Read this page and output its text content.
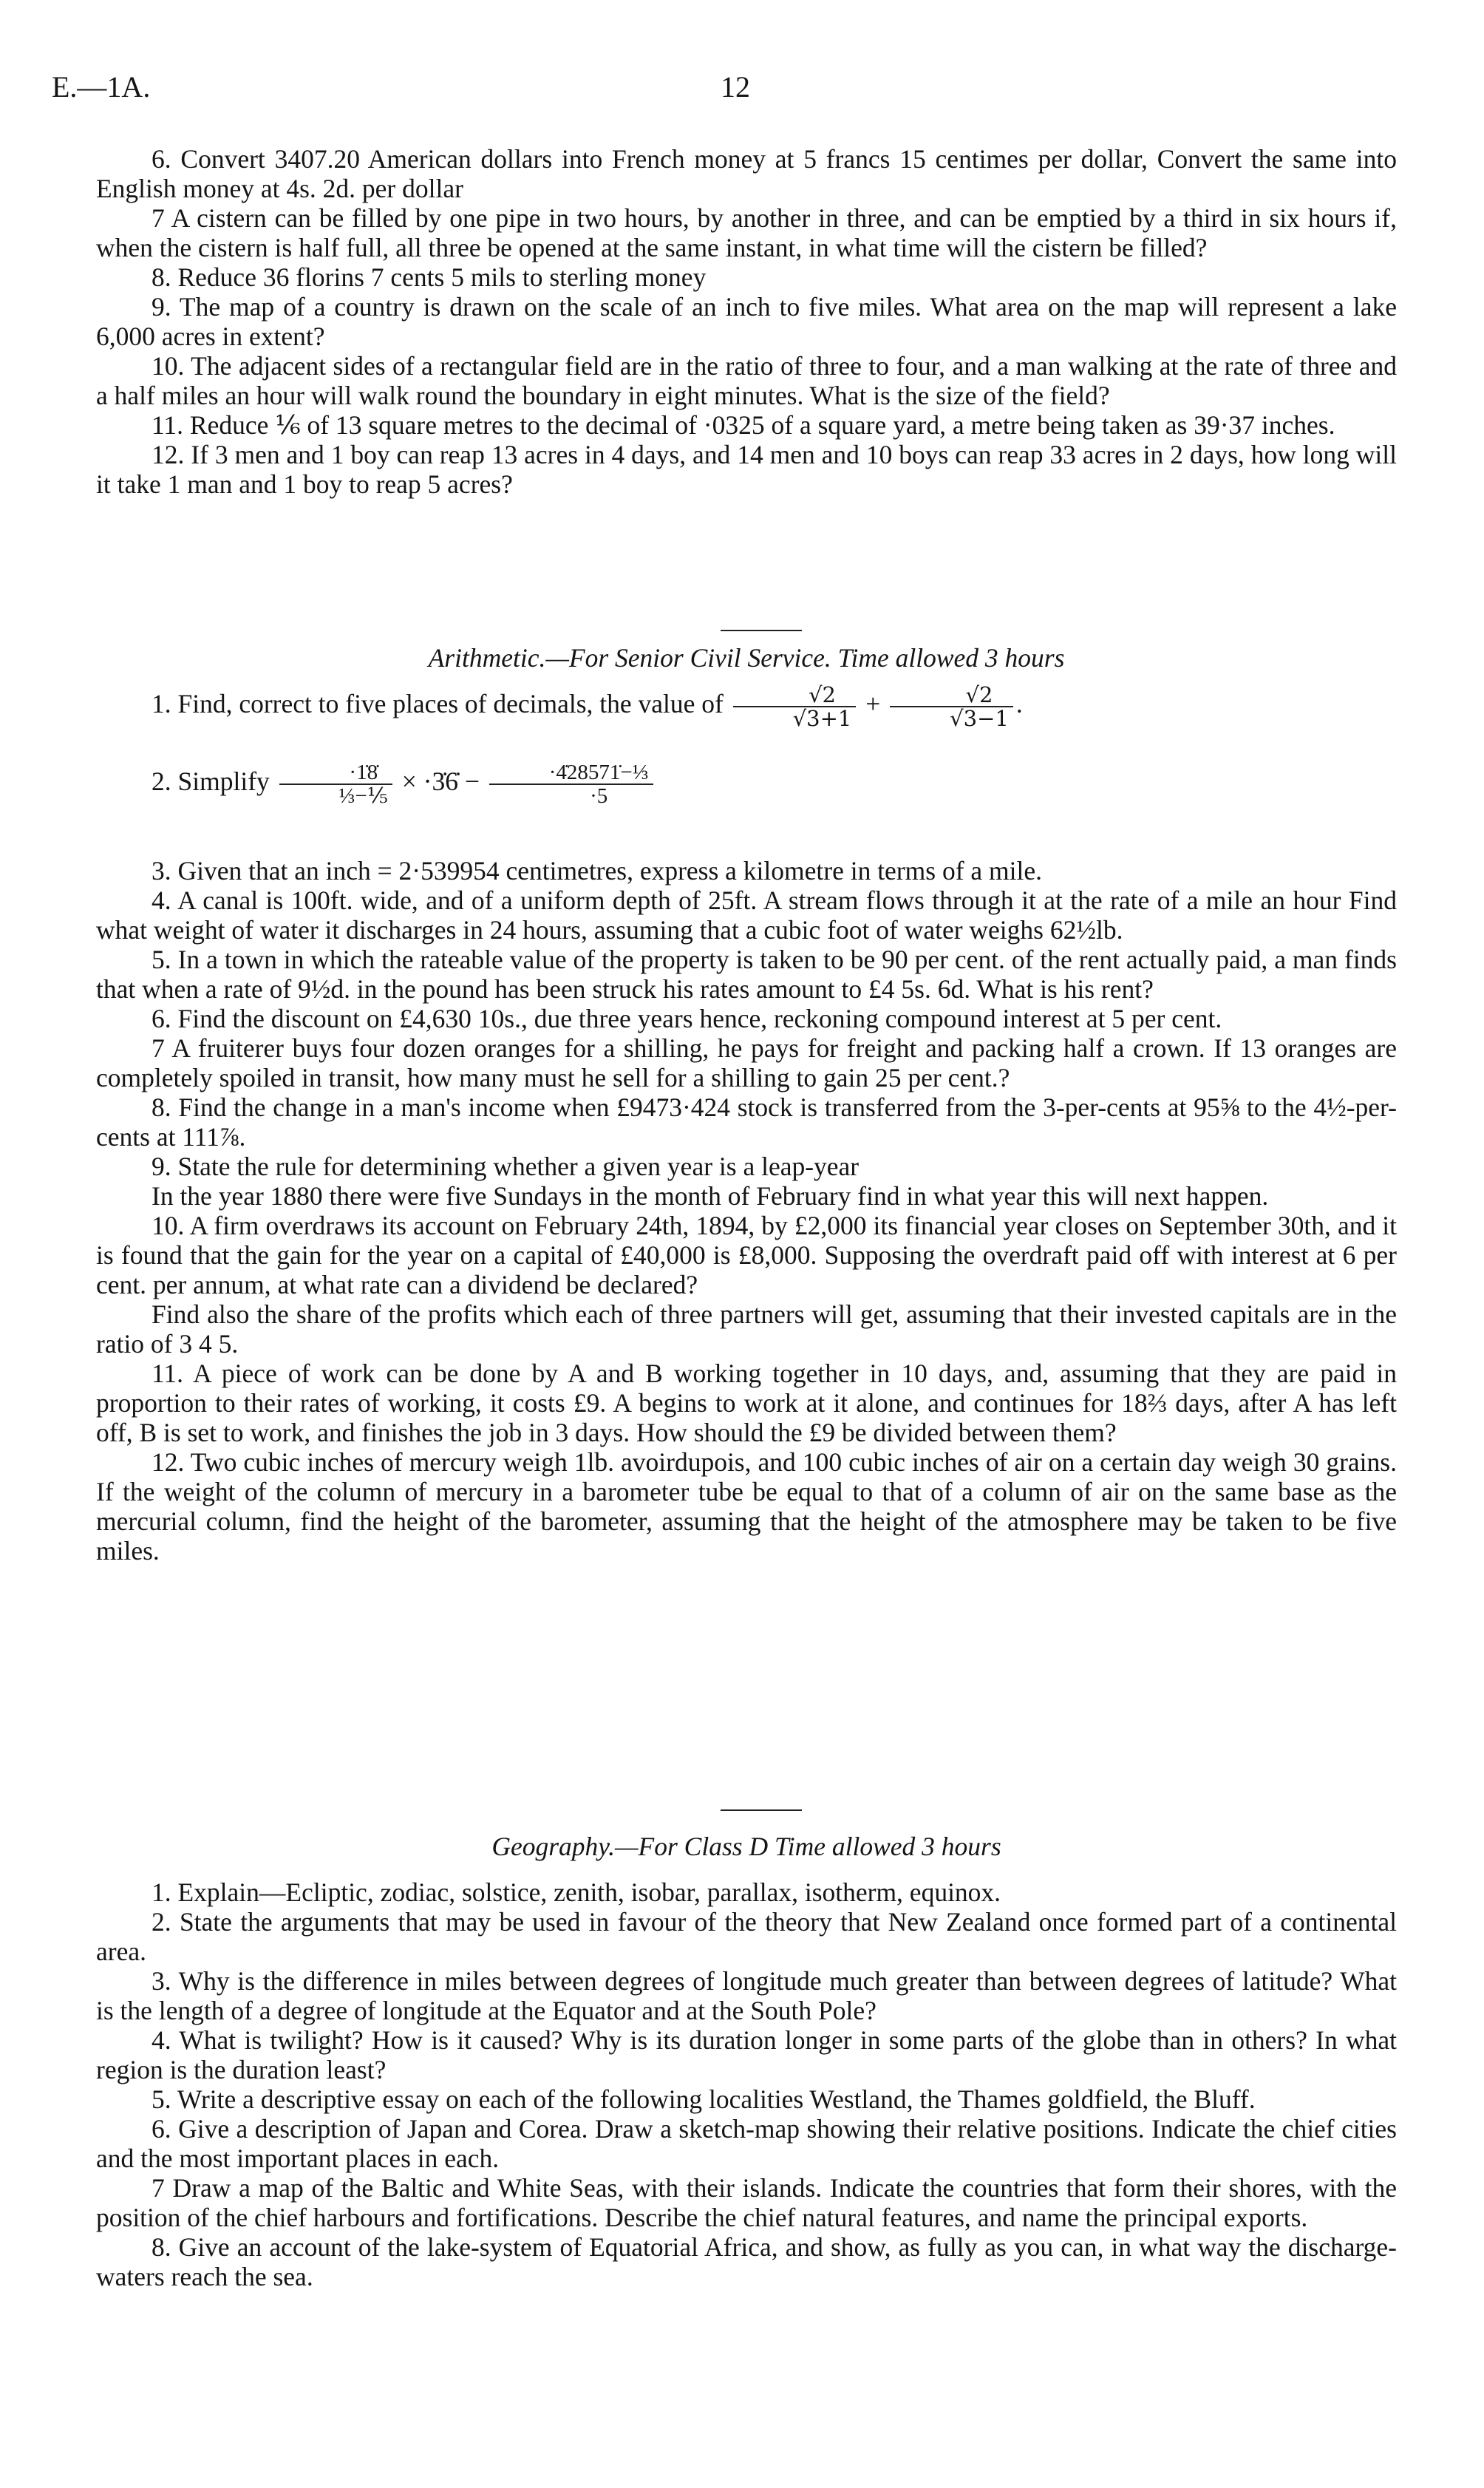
E.—1A.	12

6. Convert 3407.20 American dollars into French money at 5 francs 15 centimes per dollar, Convert the same into English money at 4s. 2d. per dollar

7 A cistern can be filled by one pipe in two hours, by another in three, and can be emptied by a third in six hours if, when the cistern is half full, all three be opened at the same instant, in what time will the cistern be filled?

8. Reduce 36 florins 7 cents 5 mils to sterling money

9. The map of a country is drawn on the scale of an inch to five miles. What area on the map will represent a lake 6,000 acres in extent?

10. The adjacent sides of a rectangular field are in the ratio of three to four, and a man walking at the rate of three and a half miles an hour will walk round the boundary in eight minutes. What is the size of the field?

11. Reduce ⅙ of 13 square metres to the decimal of ·0325 of a square yard, a metre being taken as 39·37 inches.

12. If 3 men and 1 boy can reap 13 acres in 4 days, and 14 men and 10 boys can reap 33 acres in 2 days, how long will it take 1 man and 1 boy to reap 5 acres?

Arithmetic.—For Senior Civil Service. Time allowed 3 hours

1. Find, correct to five places of decimals, the value of $\frac{√2}{√3+1} + \frac{√2}{√3-1}$ .

2. Simplify $\frac{\cdot 1̇8̇}{\text{⅓−⅕}}$ × ·3̇6̇ − $\frac{\text{·4̇28571̇−⅓}}{\cdot 5}$

3. Given that an inch = 2·539954 centimetres, express a kilometre in terms of a mile.

4. A canal is 100ft. wide, and of a uniform depth of 25ft. A stream flows through it at the rate of a mile an hour Find what weight of water it discharges in 24 hours, assuming that a cubic foot of water weighs 62½lb.

5. In a town in which the rateable value of the property is taken to be 90 per cent. of the rent actually paid, a man finds that when a rate of 9½d. in the pound has been struck his rates amount to £4 5s. 6d. What is his rent?

6. Find the discount on £4,630 10s., due three years hence, reckoning compound interest at 5 per cent.

7 A fruiterer buys four dozen oranges for a shilling, he pays for freight and packing half a crown. If 13 oranges are completely spoiled in transit, how many must he sell for a shilling to gain 25 per cent.?

8. Find the change in a man's income when £9473·424 stock is transferred from the 3-per-cents at 95⅝ to the 4½-per-cents at 111⅞.

9. State the rule for determining whether a given year is a leap-year

In the year 1880 there were five Sundays in the month of February find in what year this will next happen.

10. A firm overdraws its account on February 24th, 1894, by £2,000 its financial year closes on September 30th, and it is found that the gain for the year on a capital of £40,000 is £8,000. Supposing the overdraft paid off with interest at 6 per cent. per annum, at what rate can a dividend be declared?

Find also the share of the profits which each of three partners will get, assuming that their invested capitals are in the ratio of 3 4 5.

11. A piece of work can be done by A and B working together in 10 days, and, assuming that they are paid in proportion to their rates of working, it costs £9. A begins to work at it alone, and continues for 18⅔ days, after A has left off, B is set to work, and finishes the job in 3 days. How should the £9 be divided between them?

12. Two cubic inches of mercury weigh 1lb. avoirdupois, and 100 cubic inches of air on a certain day weigh 30 grains. If the weight of the column of mercury in a barometer tube be equal to that of a column of air on the same base as the mercurial column, find the height of the barometer, assuming that the height of the atmosphere may be taken to be five miles.

Geography.—For Class D Time allowed 3 hours

1. Explain—Ecliptic, zodiac, solstice, zenith, isobar, parallax, isotherm, equinox.

2. State the arguments that may be used in favour of the theory that New Zealand once formed part of a continental area.

3. Why is the difference in miles between degrees of longitude much greater than between degrees of latitude? What is the length of a degree of longitude at the Equator and at the South Pole?

4. What is twilight? How is it caused? Why is its duration longer in some parts of the globe than in others? In what region is the duration least?

5. Write a descriptive essay on each of the following localities Westland, the Thames goldfield, the Bluff.

6. Give a description of Japan and Corea. Draw a sketch-map showing their relative positions. Indicate the chief cities and the most important places in each.

7 Draw a map of the Baltic and White Seas, with their islands. Indicate the countries that form their shores, with the position of the chief harbours and fortifications. Describe the chief natural features, and name the principal exports.

8. Give an account of the lake-system of Equatorial Africa, and show, as fully as you can, in what way the discharge-waters reach the sea.
